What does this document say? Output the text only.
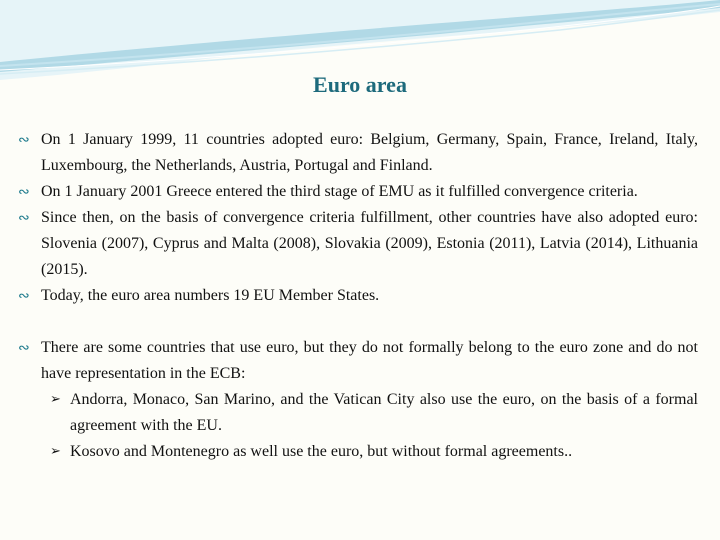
Euro area

∾ On 1 January 1999, 11 countries adopted euro: Belgium, Germany, Spain, France, Ireland, Italy, Luxembourg, the Netherlands, Austria, Portugal and Finland.

∾ On 1 January 2001 Greece entered the third stage of EMU as it fulfilled convergence criteria.

∾ Since then, on the basis of convergence criteria fulfillment, other countries have also adopted euro: Slovenia (2007), Cyprus and Malta (2008), Slovakia (2009), Estonia (2011), Latvia (2014), Lithuania (2015).

∾ Today, the euro area numbers 19 EU Member States.

∾ There are some countries that use euro, but they do not formally belong to the euro zone and do not have representation in the ECB:

➢ Andorra, Monaco, San Marino, and the Vatican City also use the euro, on the basis of a formal agreement with the EU.

➢ Kosovo and Montenegro as well use the euro, but without formal agreements..
